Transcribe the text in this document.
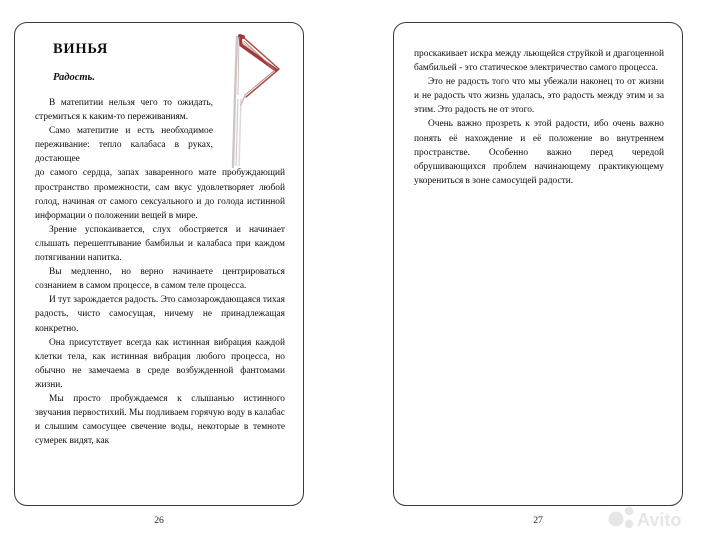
ВИНЬЯ
Радость.

В матепитии нельзя чего то ожидать, стремиться к каким-то переживаниям.

Само матепитие и есть необходимое переживание: тепло калабаса в руках, достающее

до самого сердца, запах заваренного мате пробуждающий пространство промежности, сам вкус удовлетворяет любой голод, начиная от самого сексуального и до голода истинной информации о положении вещей в мире.

Зрение успокаивается, слух обостряется и начинает слышать перешептывание бамбильи и калабаса при каждом потягивании напитка.

Вы медленно, но верно начинаете центрироваться сознанием в самом процессе, в самом теле процесса.

И тут зарождается радость. Это самозарождающаяся тихая радость, чисто самосущая, ничему не принадлежащая конкретно.

Она присутствует всегда как истинная вибрация каждой клетки тела, как истинная вибрация любого процесса, но обычно не замечаема в среде возбужденной фантомами жизни.

Мы просто пробуждаемся к слышанью истинного звучания первостихий. Мы подливаем горячую воду в калабас и слышим самосущее свечение воды, некоторые в темноте сумерек видят, как

проскакивает искра между льющейся струйкой и драгоценной бамбильей - это статическое электричество самого процесса.

Это не радость того что мы убежали наконец то от жизни и не радость что жизнь удалась, это радость между этим и за этим. Это радость не от этого.

Очень важно прозреть к этой радости, ибо очень важно понять её нахождение и её положение во внутреннем пространстве. Особенно важно перед чередой обрушивающихся проблем начинающему практикующему укорениться в зоне самосущей радости.

26	27	Avito
